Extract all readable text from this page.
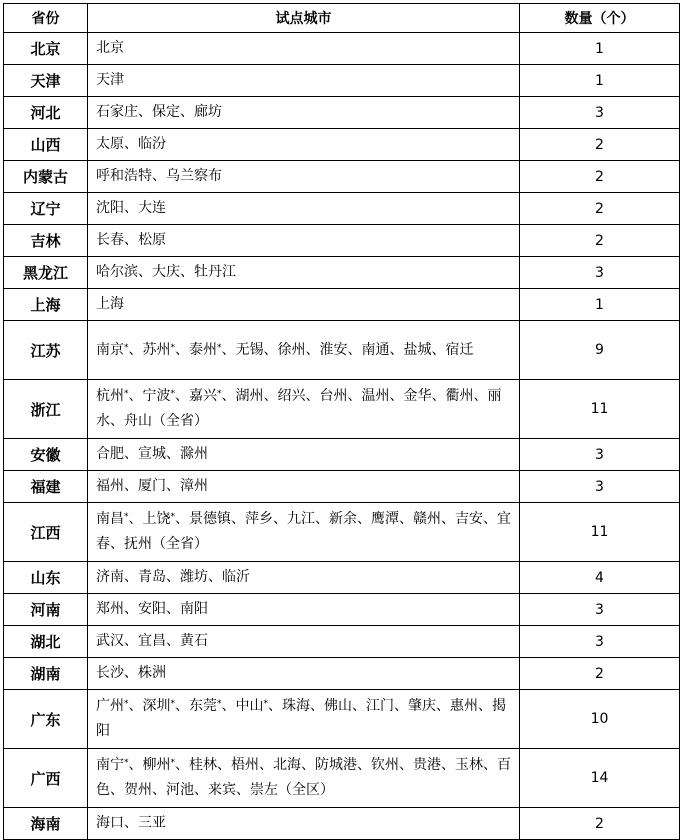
省份	试点城市	数量（个）
北京	北京	1
天津	天津	1
河北	石家庄、保定、廊坊	3
山西	太原、临汾	2
内蒙古	呼和浩特、乌兰察布	2
辽宁	沈阳、大连	2
吉林	长春、松原	2
黑龙江	哈尔滨、大庆、牡丹江	3
上海	上海	1
江苏	南京*、苏州*、泰州*、无锡、徐州、淮安、南通、盐城、宿迁	9
浙江	杭州*、宁波*、嘉兴*、湖州、绍兴、台州、温州、金华、衢州、丽水、舟山（全省）	11
安徽	合肥、宣城、滁州	3
福建	福州、厦门、漳州	3
江西	南昌*、上饶*、景德镇、萍乡、九江、新余、鹰潭、赣州、吉安、宜春、抚州（全省）	11
山东	济南、青岛、潍坊、临沂	4
河南	郑州、安阳、南阳	3
湖北	武汉、宜昌、黄石	3
湖南	长沙、株洲	2
广东	广州*、深圳*、东莞*、中山*、珠海、佛山、江门、肇庆、惠州、揭阳	10
广西	南宁*、柳州*、桂林、梧州、北海、防城港、钦州、贵港、玉林、百色、贺州、河池、来宾、崇左（全区）	14
海南	海口、三亚	2
